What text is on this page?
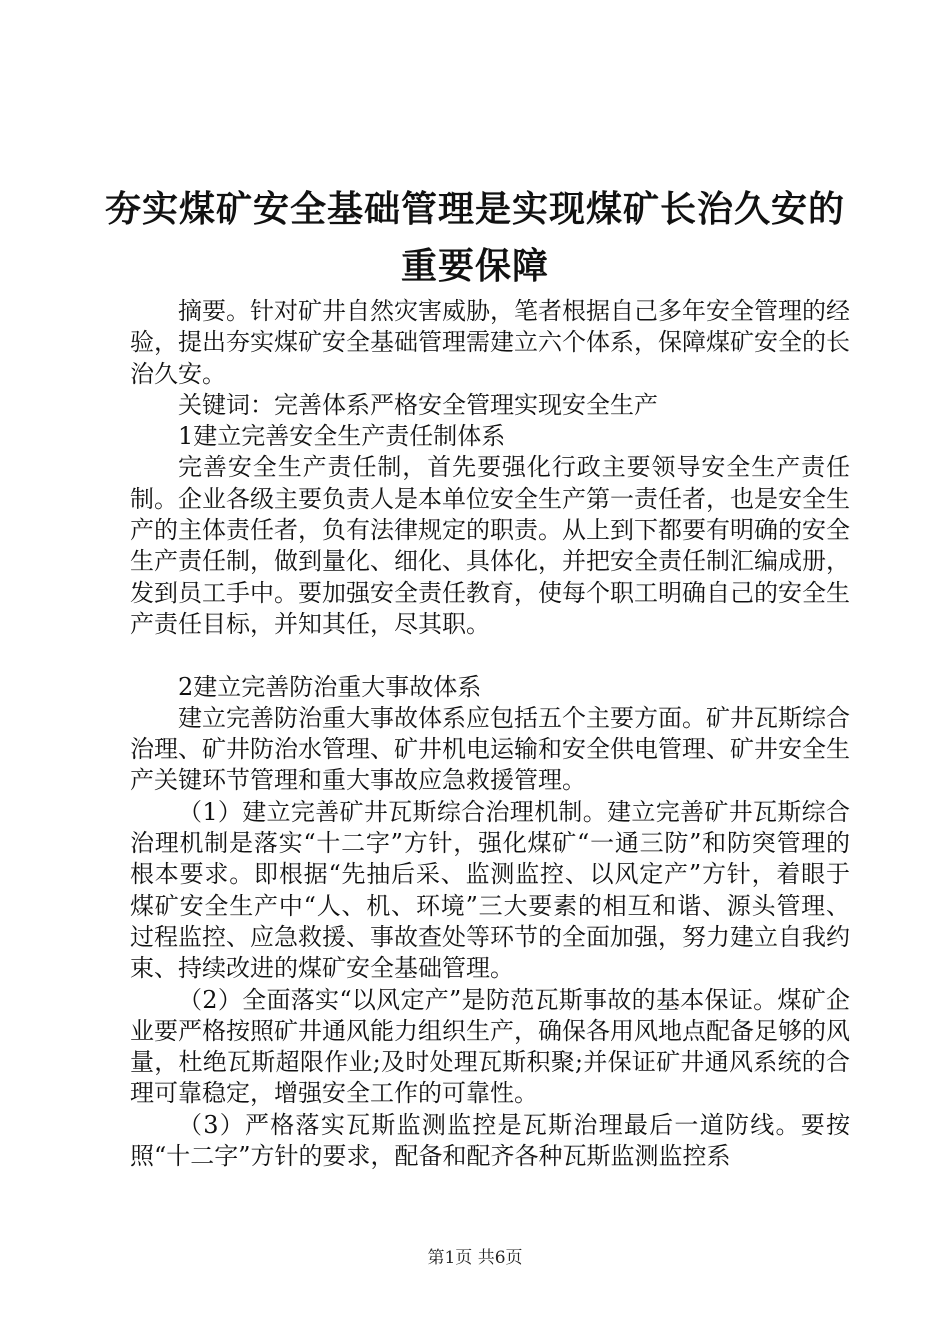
夯实煤矿安全基础管理是实现煤矿长治久安的
重要保障

摘要。针对矿井自然灾害威胁，笔者根据自己多年安全管理的经验，提出夯实煤矿安全基础管理需建立六个体系，保障煤矿安全的长治久安。

关键词：完善体系严格安全管理实现安全生产

1建立完善安全生产责任制体系

完善安全生产责任制，首先要强化行政主要领导安全生产责任制。企业各级主要负责人是本单位安全生产第一责任者，也是安全生产的主体责任者，负有法律规定的职责。从上到下都要有明确的安全生产责任制，做到量化、细化、具体化，并把安全责任制汇编成册，发到员工手中。要加强安全责任教育，使每个职工明确自己的安全生产责任目标，并知其任，尽其职。

2建立完善防治重大事故体系

建立完善防治重大事故体系应包括五个主要方面。矿井瓦斯综合治理、矿井防治水管理、矿井机电运输和安全供电管理、矿井安全生产关键环节管理和重大事故应急救援管理。

（1）建立完善矿井瓦斯综合治理机制。建立完善矿井瓦斯综合治理机制是落实“十二字”方针，强化煤矿“一通三防”和防突管理的根本要求。即根据“先抽后采、监测监控、以风定产”方针，着眼于煤矿安全生产中“人、机、环境”三大要素的相互和谐、源头管理、过程监控、应急救援、事故查处等环节的全面加强，努力建立自我约束、持续改进的煤矿安全基础管理。

（2）全面落实“以风定产”是防范瓦斯事故的基本保证。煤矿企业要严格按照矿井通风能力组织生产，确保各用风地点配备足够的风量，杜绝瓦斯超限作业;及时处理瓦斯积聚;并保证矿井通风系统的合理可靠稳定，增强安全工作的可靠性。

（3）严格落实瓦斯监测监控是瓦斯治理最后一道防线。要按照“十二字”方针的要求，配备和配齐各种瓦斯监测监控系

第1页 共6页
